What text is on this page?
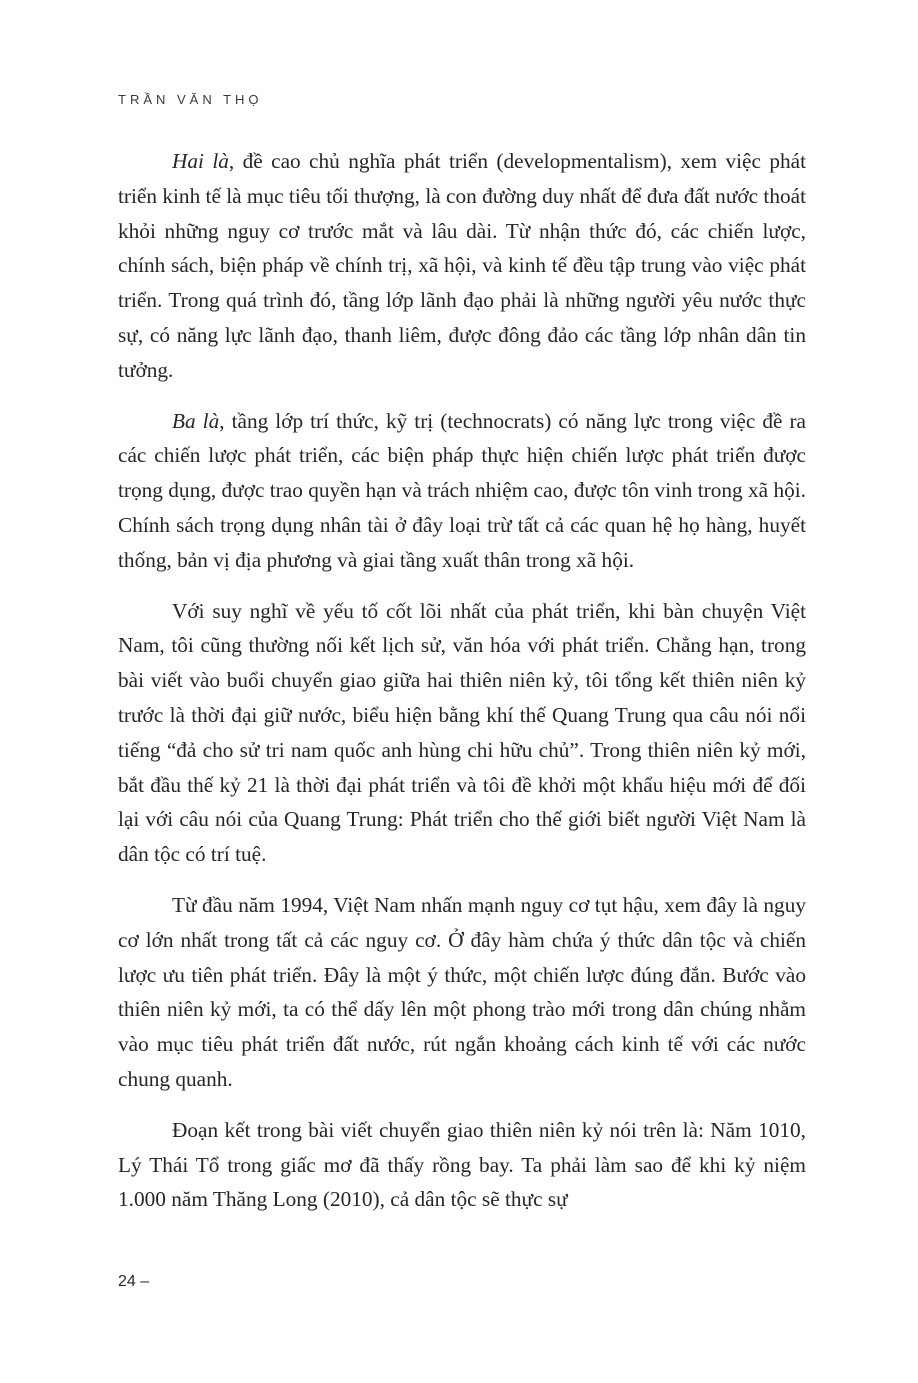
TRẦN VĂN THỌ

Hai là, đề cao chủ nghĩa phát triển (developmentalism), xem việc phát triển kinh tế là mục tiêu tối thượng, là con đường duy nhất để đưa đất nước thoát khỏi những nguy cơ trước mắt và lâu dài. Từ nhận thức đó, các chiến lược, chính sách, biện pháp về chính trị, xã hội, và kinh tế đều tập trung vào việc phát triển. Trong quá trình đó, tầng lớp lãnh đạo phải là những người yêu nước thực sự, có năng lực lãnh đạo, thanh liêm, được đông đảo các tầng lớp nhân dân tin tưởng.

Ba là, tầng lớp trí thức, kỹ trị (technocrats) có năng lực trong việc đề ra các chiến lược phát triển, các biện pháp thực hiện chiến lược phát triển được trọng dụng, được trao quyền hạn và trách nhiệm cao, được tôn vinh trong xã hội. Chính sách trọng dụng nhân tài ở đây loại trừ tất cả các quan hệ họ hàng, huyết thống, bản vị địa phương và giai tầng xuất thân trong xã hội.

Với suy nghĩ về yếu tố cốt lõi nhất của phát triển, khi bàn chuyện Việt Nam, tôi cũng thường nối kết lịch sử, văn hóa với phát triển. Chẳng hạn, trong bài viết vào buổi chuyển giao giữa hai thiên niên kỷ, tôi tổng kết thiên niên kỷ trước là thời đại giữ nước, biểu hiện bằng khí thế Quang Trung qua câu nói nổi tiếng “đả cho sử tri nam quốc anh hùng chi hữu chủ”. Trong thiên niên kỷ mới, bắt đầu thế kỷ 21 là thời đại phát triển và tôi đề khởi một khẩu hiệu mới để đối lại với câu nói của Quang Trung: Phát triển cho thế giới biết người Việt Nam là dân tộc có trí tuệ.

Từ đầu năm 1994, Việt Nam nhấn mạnh nguy cơ tụt hậu, xem đây là nguy cơ lớn nhất trong tất cả các nguy cơ. Ở đây hàm chứa ý thức dân tộc và chiến lược ưu tiên phát triển. Đây là một ý thức, một chiến lược đúng đắn. Bước vào thiên niên kỷ mới, ta có thể dấy lên một phong trào mới trong dân chúng nhằm vào mục tiêu phát triển đất nước, rút ngắn khoảng cách kinh tế với các nước chung quanh.

Đoạn kết trong bài viết chuyển giao thiên niên kỷ nói trên là: Năm 1010, Lý Thái Tổ trong giấc mơ đã thấy rồng bay. Ta phải làm sao để khi kỷ niệm 1.000 năm Thăng Long (2010), cả dân tộc sẽ thực sự

24 –
